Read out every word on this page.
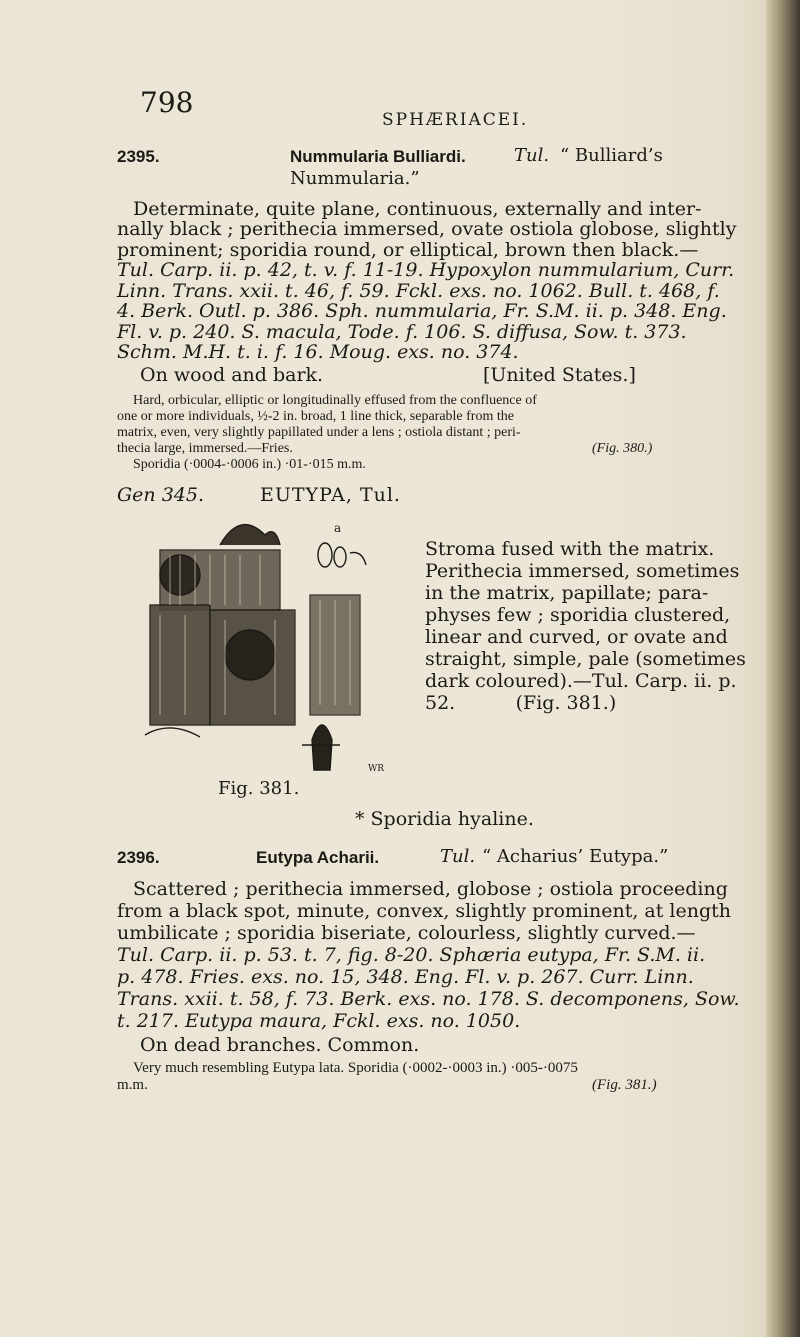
798
SPHÆRIACEI.
2395.	Nummularia Bulliardi.	Tul. “ Bulliard’s
Nummularia.”
Determinate, quite plane, continuous, externally and inter-
nally black ; perithecia immersed, ovate ostiola globose, slightly
prominent; sporidia round, or elliptical, brown then black.—
Tul. Carp. ii. p. 42, t. v. f. 11-19. Hypoxylon nummularium, Curr.
Linn. Trans. xxii. t. 46, f. 59. Fckl. exs. no. 1062. Bull. t. 468, f.
4. Berk. Outl. p. 386. Sph. nummularia, Fr. S.M. ii. p. 348. Eng.
Fl. v. p. 240. S. macula, Tode. f. 106. S. diffusa, Sow. t. 373.
Schm. M.H. t. i. f. 16. Moug. exs. no. 374.
On wood and bark.	[United States.]
Hard, orbicular, elliptic or longitudinally effused from the confluence of
one or more individuals, ½-2 in. broad, 1 line thick, separable from the
matrix, even, very slightly papillated under a lens ; ostiola distant ; peri-
thecia large, immersed.—Fries.	(Fig. 380.)
Sporidia (·0004-·0006 in.) ·01-·015 m.m.
Gen 345.	EUTYPA, Tul.
a
WR
Fig. 381.
Stroma fused with the matrix.
Perithecia immersed, sometimes
in the matrix, papillate; para-
physes few ; sporidia clustered,
linear and curved, or ovate and
straight, simple, pale (sometimes
dark coloured).—Tul. Carp. ii. p.
52.          (Fig. 381.)
* Sporidia hyaline.
2396.	Eutypa Acharii.	Tul. “ Acharius’ Eutypa.”
Scattered ; perithecia immersed, globose ; ostiola proceeding
from a black spot, minute, convex, slightly prominent, at length
umbilicate ; sporidia biseriate, colourless, slightly curved.—
Tul. Carp. ii. p. 53. t. 7, fig. 8-20. Sphæria eutypa, Fr. S.M. ii.
p. 478. Fries. exs. no. 15, 348. Eng. Fl. v. p. 267. Curr. Linn.
Trans. xxii. t. 58, f. 73. Berk. exs. no. 178. S. decomponens, Sow.
t. 217. Eutypa maura, Fckl. exs. no. 1050.
On dead branches. Common.
Very much resembling Eutypa lata. Sporidia (·0002-·0003 in.) ·005-·0075
m.m.	(Fig. 381.)
